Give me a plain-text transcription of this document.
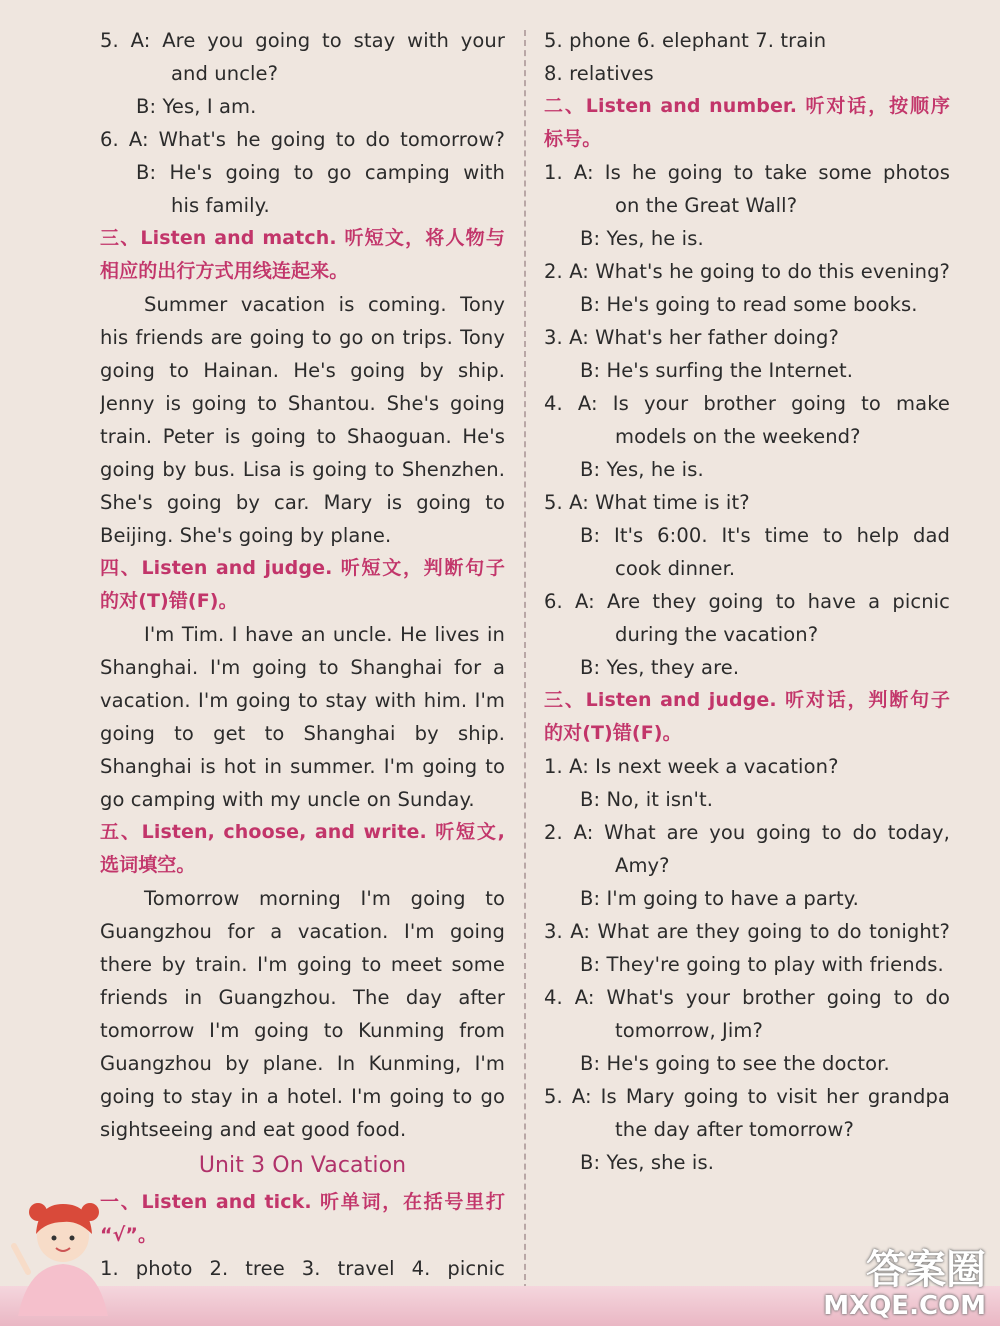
5. A: Are you going to stay with your
and uncle?
B: Yes, I am.
6. A: What's he going to do tomorrow?
B: He's going to go camping with
his family.
三、Listen and match. 听短文，将人物与
相应的出行方式用线连起来。
Summer vacation is coming. Tony
his friends are going to go on trips. Tony
going to Hainan. He's going by ship.
Jenny is going to Shantou. She's going
train. Peter is going to Shaoguan. He's
going by bus. Lisa is going to Shenzhen.
She's going by car. Mary is going to
Beijing. She's going by plane.
四、Listen and judge. 听短文，判断句子
的对(T)错(F)。
I'm Tim. I have an uncle. He lives in
Shanghai. I'm going to Shanghai for a
vacation. I'm going to stay with him. I'm
going to get to Shanghai by ship.
Shanghai is hot in summer. I'm going to
go camping with my uncle on Sunday.
五、Listen, choose, and write. 听短文,
选词填空。
Tomorrow morning I'm going to
Guangzhou for a vacation. I'm going
there by train. I'm going to meet some
friends in Guangzhou. The day after
tomorrow I'm going to Kunming from
Guangzhou by plane. In Kunming, I'm
going to stay in a hotel. I'm going to go
sightseeing and eat good food.
Unit 3 On Vacation
一、Listen and tick. 听单词，在括号里打
“√”。
1. photo 2. tree 3. travel 4. picnic
5. phone 6. elephant 7. train
8. relatives
二、Listen and number. 听对话，按顺序
标号。
1. A: Is he going to take some photos
on the Great Wall?
B: Yes, he is.
2. A: What's he going to do this evening?
B: He's going to read some books.
3. A: What's her father doing?
B: He's surfing the Internet.
4. A: Is your brother going to make
models on the weekend?
B: Yes, he is.
5. A: What time is it?
B: It's 6:00. It's time to help dad
cook dinner.
6. A: Are they going to have a picnic
during the vacation?
B: Yes, they are.
三、Listen and judge. 听对话，判断句子
的对(T)错(F)。
1. A: Is next week a vacation?
B: No, it isn't.
2. A: What are you going to do today,
Amy?
B: I'm going to have a party.
3. A: What are they going to do tonight?
B: They're going to play with friends.
4. A: What's your brother going to do
tomorrow, Jim?
B: He's going to see the doctor.
5. A: Is Mary going to visit her grandpa
the day after tomorrow?
B: Yes, she is.
答案圈
MXQE.COM
